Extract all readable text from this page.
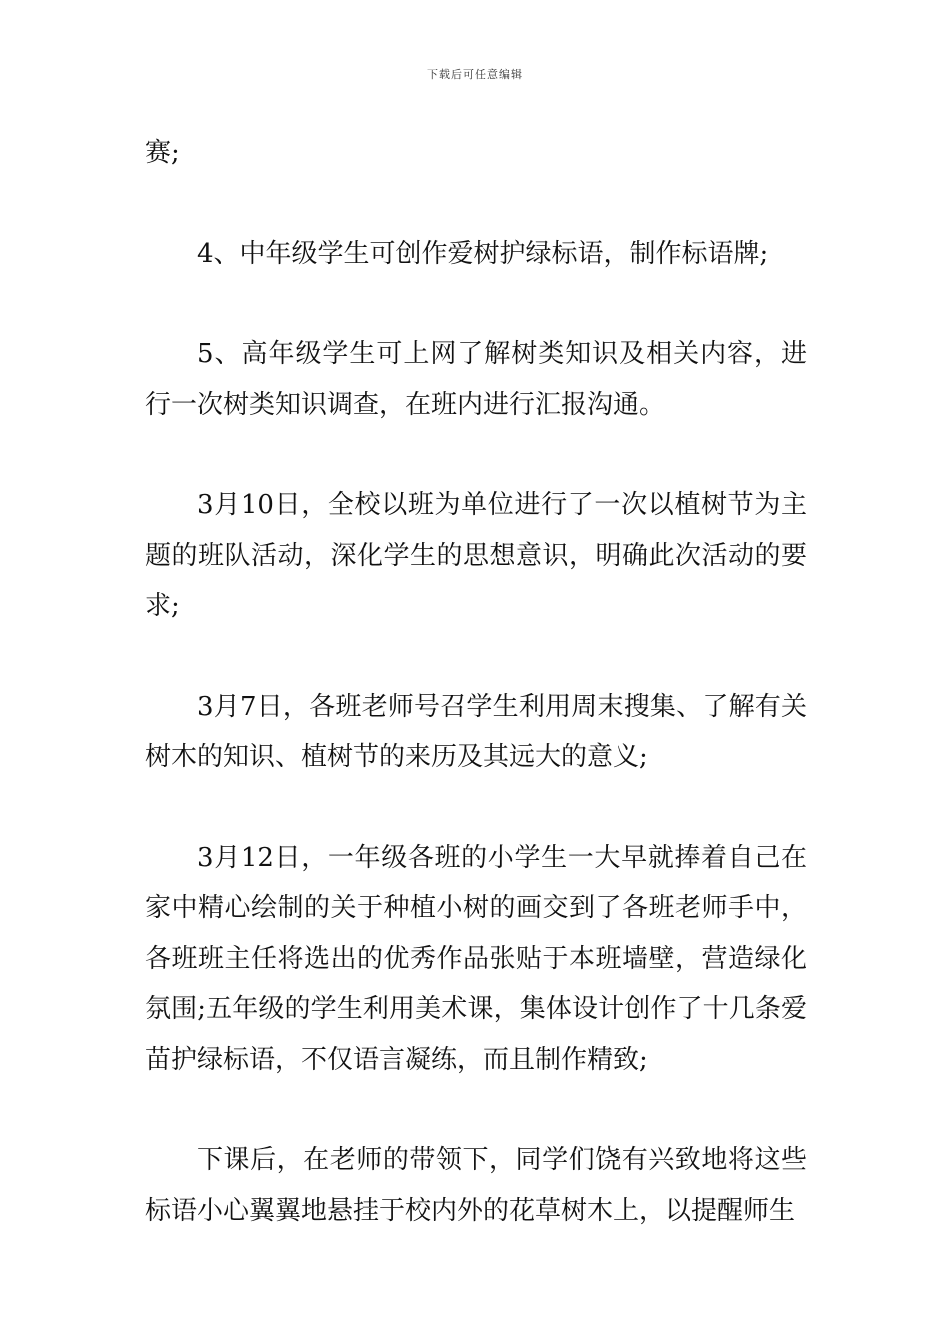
下载后可任意编辑

赛;

4、中年级学生可创作爱树护绿标语，制作标语牌;

5、高年级学生可上网了解树类知识及相关内容，进行一次树类知识调查，在班内进行汇报沟通。

3月10日，全校以班为单位进行了一次以植树节为主题的班队活动，深化学生的思想意识，明确此次活动的要求;

3月7日，各班老师号召学生利用周末搜集、了解有关树木的知识、植树节的来历及其远大的意义;

3月12日，一年级各班的小学生一大早就捧着自己在家中精心绘制的关于种植小树的画交到了各班老师手中，各班班主任将选出的优秀作品张贴于本班墙壁，营造绿化氛围;五年级的学生利用美术课，集体设计创作了十几条爱苗护绿标语，不仅语言凝练，而且制作精致;

下课后，在老师的带领下，同学们饶有兴致地将这些标语小心翼翼地悬挂于校内外的花草树木上，以提醒师生
